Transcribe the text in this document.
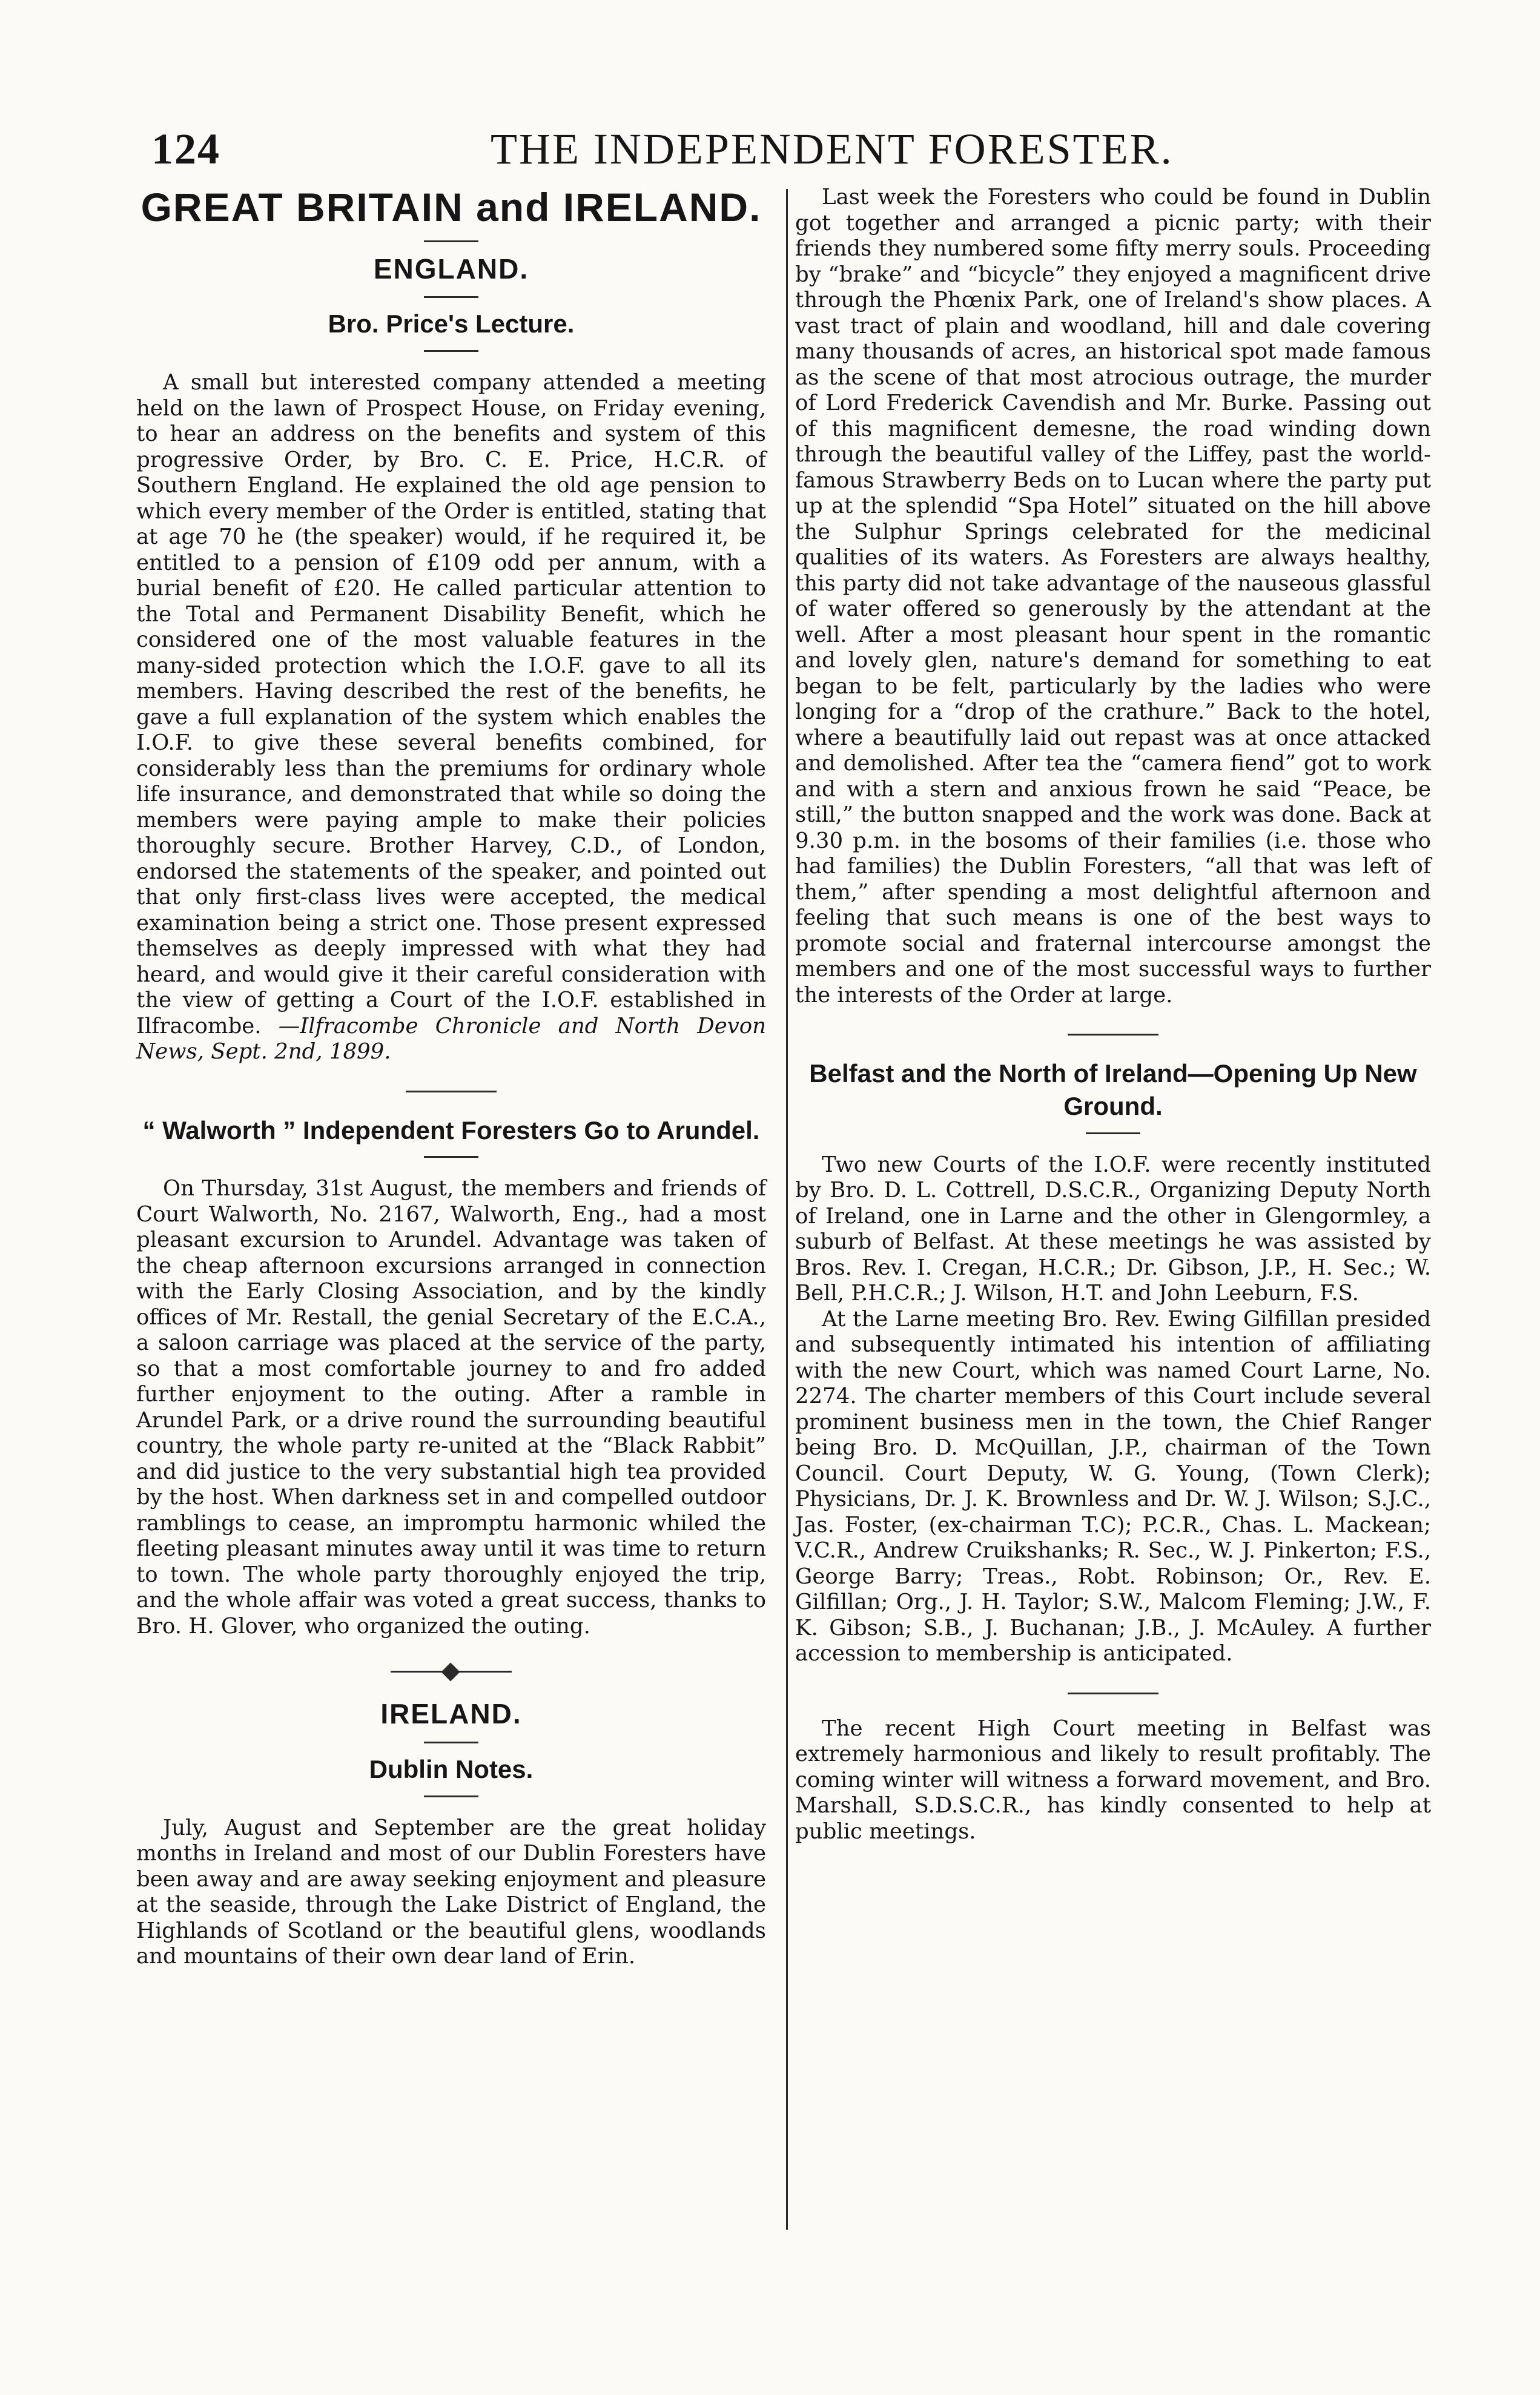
124	THE INDEPENDENT FORESTER.
GREAT BRITAIN and IRELAND.
ENGLAND.
Bro. Price's Lecture.

A small but interested company attended a meeting held on the lawn of Prospect House, on Friday evening, to hear an address on the benefits and system of this progressive Order, by Bro. C. E. Price, H.C.R. of Southern England. He explained the old age pension to which every member of the Order is entitled, stating that at age 70 he (the speaker) would, if he required it, be entitled to a pension of £109 odd per annum, with a burial benefit of £20. He called particular attention to the Total and Permanent Disability Benefit, which he considered one of the most valuable features in the many-sided protection which the I.O.F. gave to all its members. Having described the rest of the benefits, he gave a full explanation of the system which enables the I.O.F. to give these several benefits combined, for considerably less than the premiums for ordinary whole life insurance, and demonstrated that while so doing the members were paying ample to make their policies thoroughly secure. Brother Harvey, C.D., of London, endorsed the statements of the speaker, and pointed out that only first-class lives were accepted, the medical examination being a strict one. Those present expressed themselves as deeply impressed with what they had heard, and would give it their careful consideration with the view of getting a Court of the I.O.F. established in Ilfracombe. —Ilfracombe Chronicle and North Devon News, Sept. 2nd, 1899.

“ Walworth ” Independent Foresters Go to Arundel.

On Thursday, 31st August, the members and friends of Court Walworth, No. 2167, Walworth, Eng., had a most pleasant excursion to Arundel. Advantage was taken of the cheap afternoon excursions arranged in connection with the Early Closing Association, and by the kindly offices of Mr. Restall, the genial Secretary of the E.C.A., a saloon carriage was placed at the service of the party, so that a most comfortable journey to and fro added further enjoyment to the outing. After a ramble in Arundel Park, or a drive round the surrounding beautiful country, the whole party re-united at the “Black Rabbit” and did justice to the very substantial high tea provided by the host. When darkness set in and compelled outdoor ramblings to cease, an impromptu harmonic whiled the fleeting pleasant minutes away until it was time to return to town. The whole party thoroughly enjoyed the trip, and the whole affair was voted a great success, thanks to Bro. H. Glover, who organized the outing.

IRELAND.
Dublin Notes.

July, August and September are the great holiday months in Ireland and most of our Dublin Foresters have been away and are away seeking enjoyment and pleasure at the seaside, through the Lake District of England, the Highlands of Scotland or the beautiful glens, woodlands and mountains of their own dear land of Erin.

Last week the Foresters who could be found in Dublin got together and arranged a picnic party; with their friends they numbered some fifty merry souls. Proceeding by “brake” and “bicycle” they enjoyed a magnificent drive through the Phœnix Park, one of Ireland's show places. A vast tract of plain and woodland, hill and dale covering many thousands of acres, an historical spot made famous as the scene of that most atrocious outrage, the murder of Lord Frederick Cavendish and Mr. Burke. Passing out of this magnificent demesne, the road winding down through the beautiful valley of the Liffey, past the world-famous Strawberry Beds on to Lucan where the party put up at the splendid “Spa Hotel” situated on the hill above the Sulphur Springs celebrated for the medicinal qualities of its waters. As Foresters are always healthy, this party did not take advantage of the nauseous glassful of water offered so generously by the attendant at the well. After a most pleasant hour spent in the romantic and lovely glen, nature's demand for something to eat began to be felt, particularly by the ladies who were longing for a “drop of the crathure.” Back to the hotel, where a beautifully laid out repast was at once attacked and demolished. After tea the “camera fiend” got to work and with a stern and anxious frown he said “Peace, be still,” the button snapped and the work was done. Back at 9.30 p.m. in the bosoms of their families (i.e. those who had families) the Dublin Foresters, “all that was left of them,” after spending a most delightful afternoon and feeling that such means is one of the best ways to promote social and fraternal intercourse amongst the members and one of the most successful ways to further the interests of the Order at large.

Belfast and the North of Ireland—Opening Up New Ground.

Two new Courts of the I.O.F. were recently instituted by Bro. D. L. Cottrell, D.S.C.R., Organizing Deputy North of Ireland, one in Larne and the other in Glengormley, a suburb of Belfast. At these meetings he was assisted by Bros. Rev. I. Cregan, H.C.R.; Dr. Gibson, J.P., H. Sec.; W. Bell, P.H.C.R.; J. Wilson, H.T. and John Leeburn, F.S.

At the Larne meeting Bro. Rev. Ewing Gilfillan presided and subsequently intimated his intention of affiliating with the new Court, which was named Court Larne, No. 2274. The charter members of this Court include several prominent business men in the town, the Chief Ranger being Bro. D. McQuillan, J.P., chairman of the Town Council. Court Deputy, W. G. Young, (Town Clerk); Physicians, Dr. J. K. Brownless and Dr. W. J. Wilson; S.J.C., Jas. Foster, (ex-chairman T.C); P.C.R., Chas. L. Mackean; V.C.R., Andrew Cruikshanks; R. Sec., W. J. Pinkerton; F.S., George Barry; Treas., Robt. Robinson; Or., Rev. E. Gilfillan; Org., J. H. Taylor; S.W., Malcom Fleming; J.W., F. K. Gibson; S.B., J. Buchanan; J.B., J. McAuley. A further accession to membership is anticipated.

The recent High Court meeting in Belfast was extremely harmonious and likely to result profitably. The coming winter will witness a forward movement, and Bro. Marshall, S.D.S.C.R., has kindly consented to help at public meetings.
